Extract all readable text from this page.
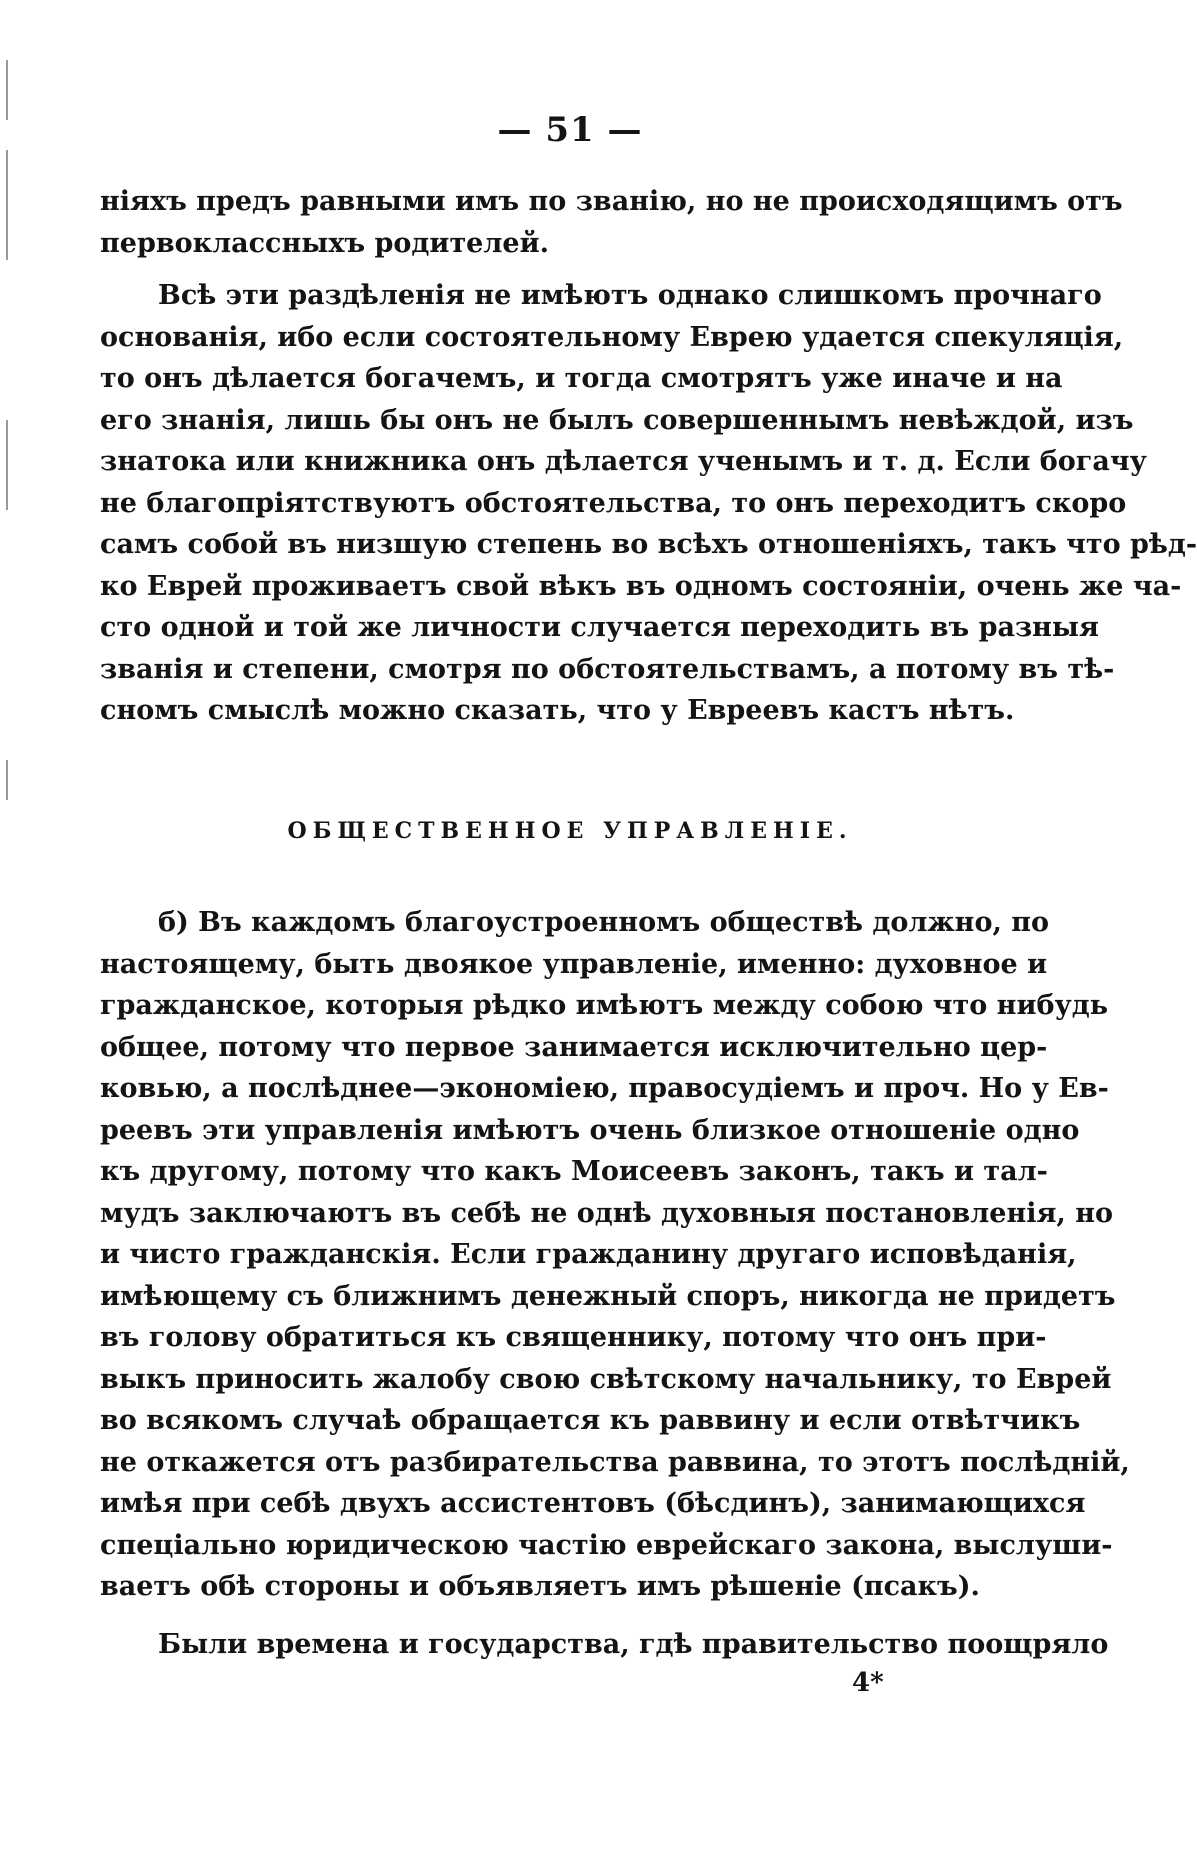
— 51 —
ніяхъ предъ равными имъ по званію, но не происходящимъ отъ
первоклассныхъ родителей.
Всѣ эти раздѣленія не имѣютъ однако слишкомъ прочнаго
основанія, ибо если состоятельному Еврею удается спекуляція,
то онъ дѣлается богачемъ, и тогда смотрятъ уже иначе и на
его знанія, лишь бы онъ не былъ совершеннымъ невѣждой, изъ
знатока или книжника онъ дѣлается ученымъ и т. д. Если богачу
не благопріятствуютъ обстоятельства, то онъ переходитъ скоро
самъ собой въ низшую степень во всѣхъ отношеніяхъ, такъ что рѣд-
ко Еврей проживаетъ свой вѣкъ въ одномъ состояніи, очень же ча-
сто одной и той же личности случается переходить въ разныя
званія и степени, смотря по обстоятельствамъ, а потому въ тѣ-
сномъ смыслѣ можно сказать, что у Евреевъ кастъ нѣтъ.
ОБЩЕСТВЕННОЕ УПРАВЛЕНІЕ.
б) Въ каждомъ благоустроенномъ обществѣ должно, по
настоящему, быть двоякое управленіе, именно: духовное и
гражданское, которыя рѣдко имѣютъ между собою что нибудь
общее, потому что первое занимается исключительно цер-
ковью, а послѣднее—экономіею, правосудіемъ и проч. Но у Ев-
реевъ эти управленія имѣютъ очень близкое отношеніе одно
къ другому, потому что какъ Моисеевъ законъ, такъ и тал-
мудъ заключаютъ въ себѣ не однѣ духовныя постановленія, но
и чисто гражданскія. Если гражданину другаго исповѣданія,
имѣющему съ ближнимъ денежный споръ, никогда не придетъ
въ голову обратиться къ священнику, потому что онъ при-
выкъ приносить жалобу свою свѣтскому начальнику, то Еврей
во всякомъ случаѣ обращается къ раввину и если отвѣтчикъ
не откажется отъ разбирательства раввина, то этотъ послѣдній,
имѣя при себѣ двухъ ассистентовъ (бѣсдинъ), занимающихся
спеціально юридическою частію еврейскаго закона, выслуши-
ваетъ обѣ стороны и объявляетъ имъ рѣшеніе (псакъ).
Были времена и государства, гдѣ правительство поощряло
4*
